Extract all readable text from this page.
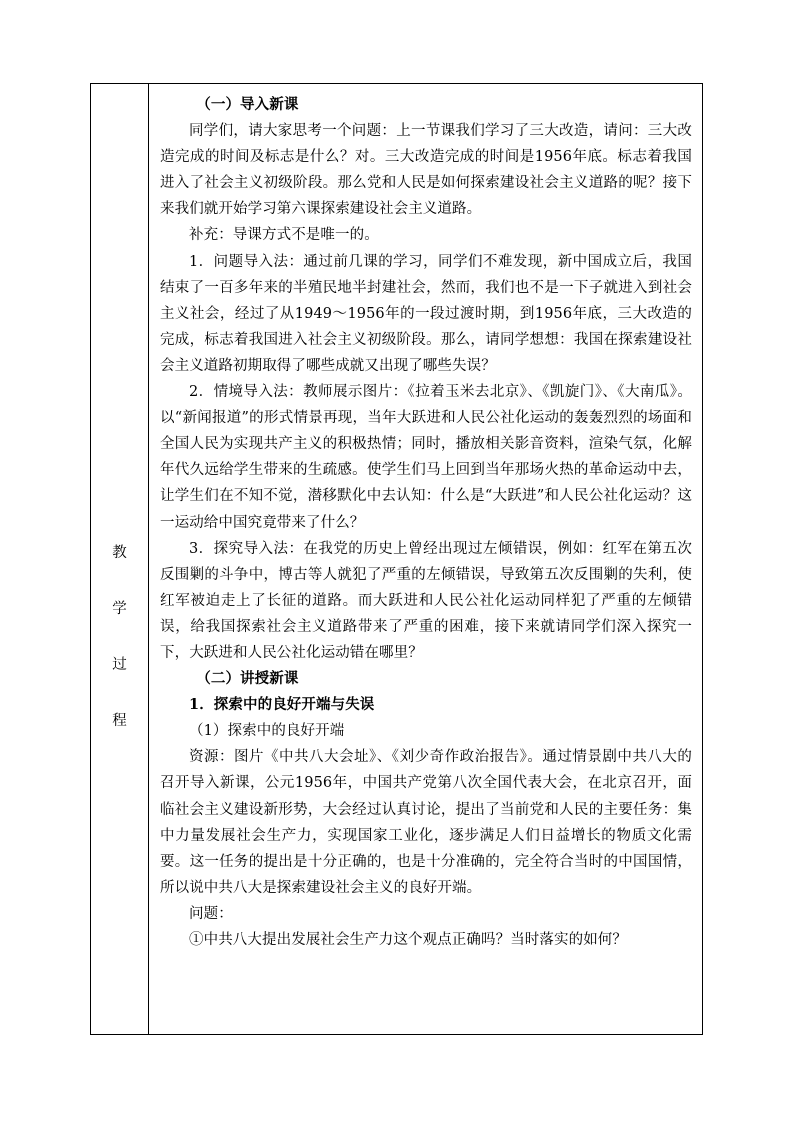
教
学
过
程

（一）导入新课

同学们，请大家思考一个问题：上一节课我们学习了三大改造，请问：三大改造完成的时间及标志是什么？对。三大改造完成的时间是1956年底。标志着我国进入了社会主义初级阶段。那么党和人民是如何探索建设社会主义道路的呢？接下来我们就开始学习第六课探索建设社会主义道路。

补充：导课方式不是唯一的。

1．问题导入法：通过前几课的学习，同学们不难发现，新中国成立后，我国结束了一百多年来的半殖民地半封建社会，然而，我们也不是一下子就进入到社会主义社会，经过了从1949～1956年的一段过渡时期，到1956年底，三大改造的完成，标志着我国进入社会主义初级阶段。那么，请同学想想：我国在探索建设社会主义道路初期取得了哪些成就又出现了哪些失误？

2．情境导入法：教师展示图片：《拉着玉米去北京》、《凯旋门》、《大南瓜》。以“新闻报道”的形式情景再现，当年大跃进和人民公社化运动的轰轰烈烈的场面和全国人民为实现共产主义的积极热情；同时，播放相关影音资料，渲染气氛，化解年代久远给学生带来的生疏感。使学生们马上回到当年那场火热的革命运动中去，让学生们在不知不觉，潜移默化中去认知：什么是“大跃进”和人民公社化运动？这一运动给中国究竟带来了什么？

3．探究导入法：在我党的历史上曾经出现过左倾错误，例如：红军在第五次反围剿的斗争中，博古等人就犯了严重的左倾错误，导致第五次反围剿的失利，使红军被迫走上了长征的道路。而大跃进和人民公社化运动同样犯了严重的左倾错误，给我国探索社会主义道路带来了严重的困难，接下来就请同学们深入探究一下，大跃进和人民公社化运动错在哪里？

（二）讲授新课

1．探索中的良好开端与失误

（1）探索中的良好开端

资源：图片《中共八大会址》、《刘少奇作政治报告》。通过情景剧中共八大的召开导入新课，公元1956年，中国共产党第八次全国代表大会，在北京召开，面临社会主义建设新形势，大会经过认真讨论，提出了当前党和人民的主要任务：集中力量发展社会生产力，实现国家工业化，逐步满足人们日益增长的物质文化需要。这一任务的提出是十分正确的，也是十分准确的，完全符合当时的中国国情，所以说中共八大是探索建设社会主义的良好开端。

问题：

①中共八大提出发展社会生产力这个观点正确吗？当时落实的如何？
